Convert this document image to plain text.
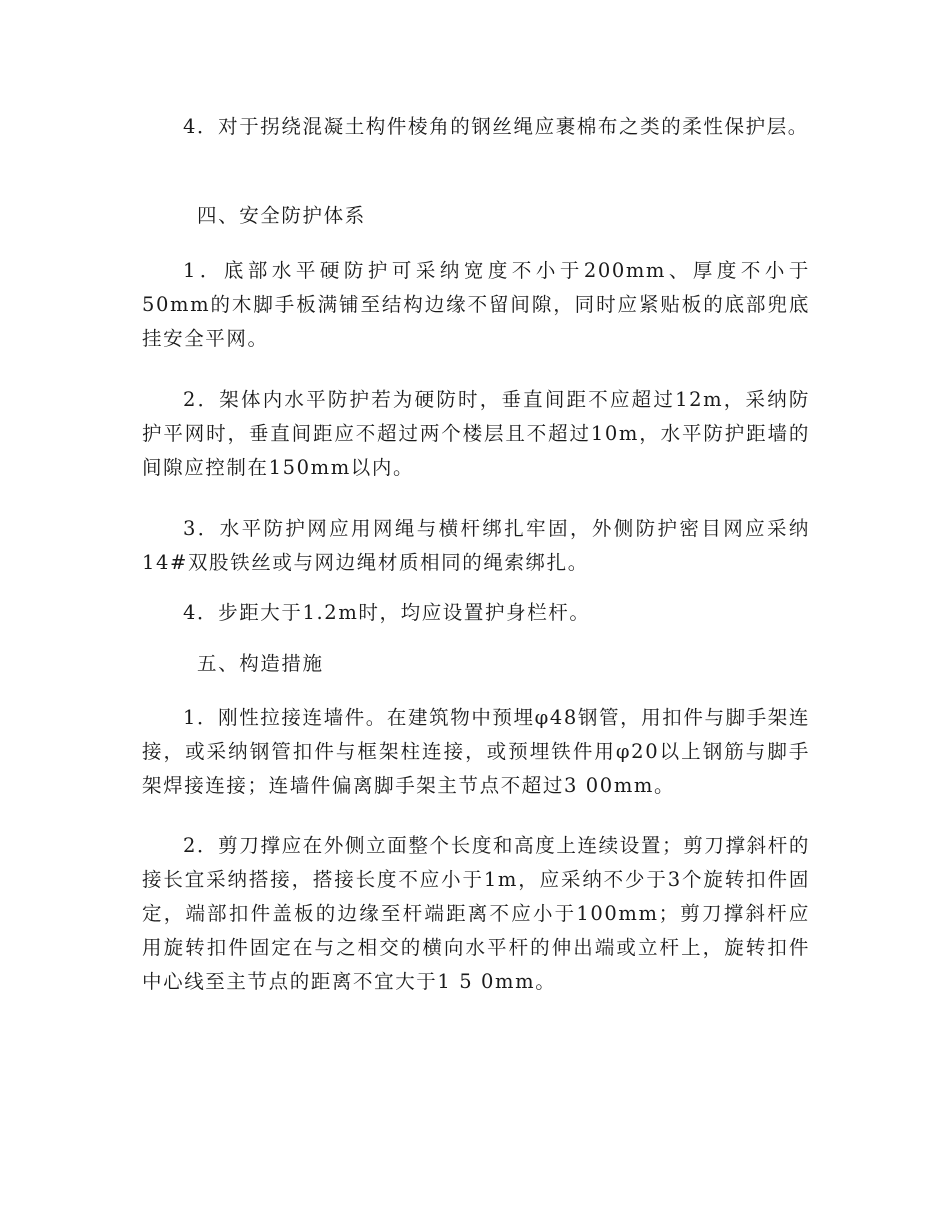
4．对于拐绕混凝土构件棱角的钢丝绳应裹棉布之类的柔性保护层。

四、安全防护体系

1．底部水平硬防护可采纳宽度不小于200mm、厚度不小于50mm的木脚手板满铺至结构边缘不留间隙，同时应紧贴板的底部兜底挂安全平网。

2．架体内水平防护若为硬防时，垂直间距不应超过12m，采纳防护平网时，垂直间距应不超过两个楼层且不超过10m，水平防护距墙的间隙应控制在150mm以内。

3．水平防护网应用网绳与横杆绑扎牢固，外侧防护密目网应采纳14#双股铁丝或与网边绳材质相同的绳索绑扎。

4．步距大于1.2m时，均应设置护身栏杆。

五、构造措施

1．刚性拉接连墙件。在建筑物中预埋φ48钢管，用扣件与脚手架连接，或采纳钢管扣件与框架柱连接，或预埋铁件用φ20以上钢筋与脚手架焊接连接；连墙件偏离脚手架主节点不超过3 00mm。

2．剪刀撑应在外侧立面整个长度和高度上连续设置；剪刀撑斜杆的接长宜采纳搭接，搭接长度不应小于1m，应采纳不少于3个旋转扣件固定，端部扣件盖板的边缘至杆端距离不应小于100mm；剪刀撑斜杆应用旋转扣件固定在与之相交的横向水平杆的伸出端或立杆上，旋转扣件中心线至主节点的距离不宜大于1 5 0mm。
